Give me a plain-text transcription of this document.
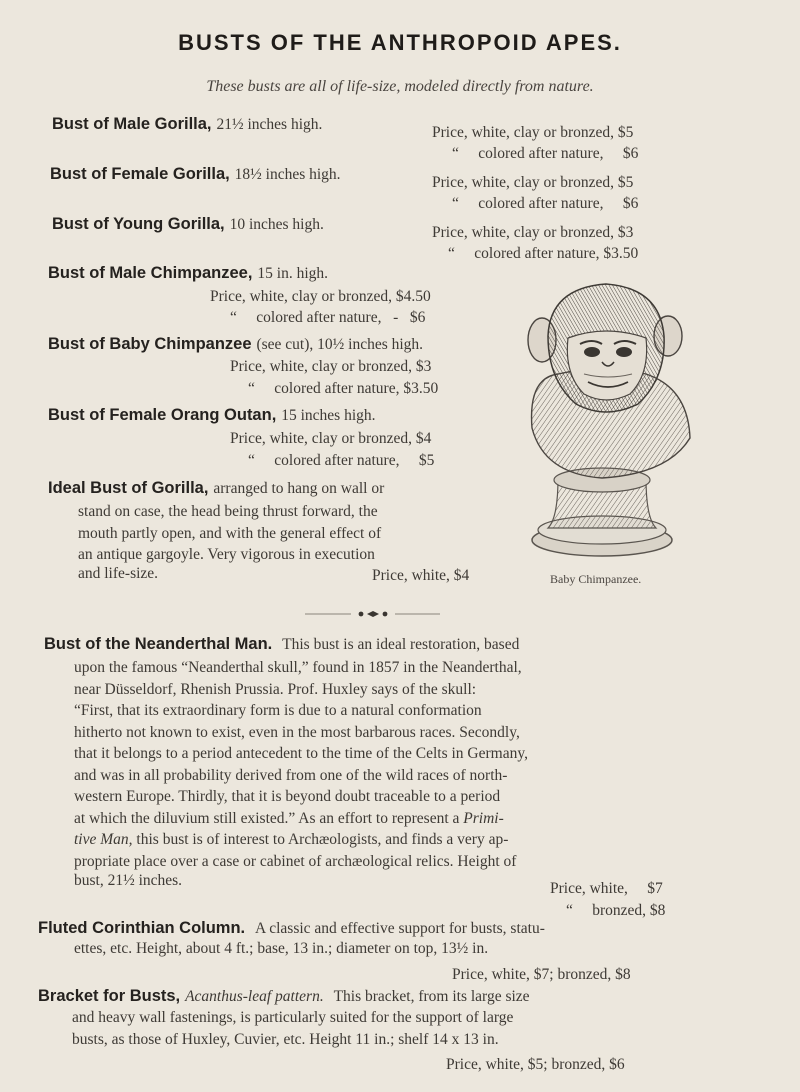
BUSTS OF THE ANTHROPOID APES.
These busts are all of life-size, modeled directly from nature.
Bust of Male Gorilla, 21½ inches high.	Price, white, clay or bronzed, $5
“     colored after nature,     $6
Bust of Female Gorilla, 18½ inches high.	Price, white, clay or bronzed, $5
“     colored after nature,     $6
Bust of Young Gorilla, 10 inches high.	Price, white, clay or bronzed, $3
“     colored after nature, $3.50
Bust of Male Chimpanzee, 15 in. high.
Price, white, clay or bronzed, $4.50
“     colored after nature,   -   $6
Bust of Baby Chimpanzee (see cut), 10½ inches high.
Price, white, clay or bronzed, $3
“     colored after nature, $3.50
Bust of Female Orang Outan, 15 inches high.
Price, white, clay or bronzed, $4
“     colored after nature,     $5
Ideal Bust of Gorilla, arranged to hang on wall or
stand on case, the head being thrust forward, the
mouth partly open, and with the general effect of
an antique gargoyle. Very vigorous in execution
and life-size.	Price, white, $4	Baby Chimpanzee.
Bust of the Neanderthal Man. This bust is an ideal restoration, based
upon the famous “Neanderthal skull,” found in 1857 in the Neanderthal,
near Düsseldorf, Rhenish Prussia. Prof. Huxley says of the skull:
“First, that its extraordinary form is due to a natural conformation
hitherto not known to exist, even in the most barbarous races. Secondly,
that it belongs to a period antecedent to the time of the Celts in Germany,
and was in all probability derived from one of the wild races of north-
western Europe. Thirdly, that it is beyond doubt traceable to a period
at which the diluvium still existed.” As an effort to represent a Primi-
tive Man, this bust is of interest to Archæologists, and finds a very ap-
propriate place over a case or cabinet of archæological relics. Height of
bust, 21½ inches.	Price, white,     $7
“     bronzed, $8
Fluted Corinthian Column. A classic and effective support for busts, statu-
ettes, etc. Height, about 4 ft.; base, 13 in.; diameter on top, 13½ in.
Price, white, $7; bronzed, $8
Bracket for Busts, Acanthus-leaf pattern. This bracket, from its large size
and heavy wall fastenings, is particularly suited for the support of large
busts, as those of Huxley, Cuvier, etc. Height 11 in.; shelf 14 x 13 in.
Price, white, $5; bronzed, $6
